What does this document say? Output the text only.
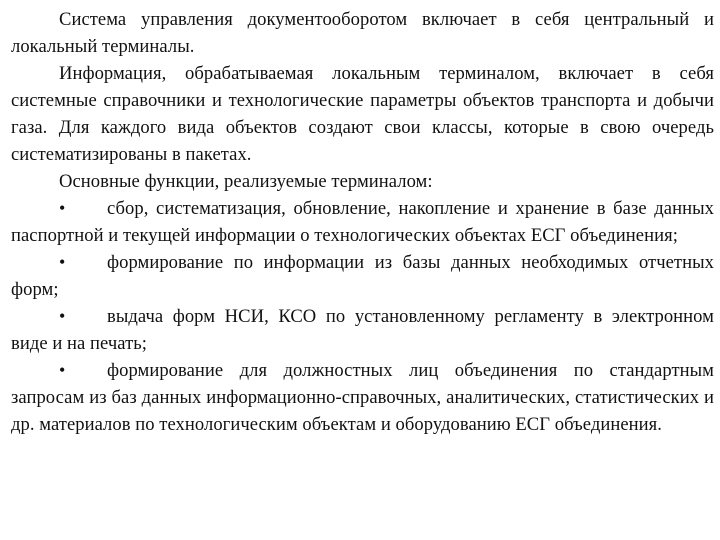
Система управления документооборотом включает в себя центральный и локальный терминалы.

Информация, обрабатываемая локальным терминалом, включает в себя системные справочники и технологические параметры объектов транспорта и добычи газа. Для каждого вида объектов создают свои классы, которые в свою очередь систематизированы в пакетах.

Основные функции, реализуемые терминалом:

• сбор, систематизация, обновление, накопление и хранение в базе данных паспортной и текущей информации о технологических объектах ЕСГ объединения;

• формирование по информации из базы данных необходимых отчетных форм;

• выдача форм НСИ, КСО по установленному регламенту в электронном виде и на печать;

• формирование для должностных лиц объединения по стандартным запросам из баз данных информационно-справочных, аналитических, статистических и др. материалов по технологическим объектам и оборудованию ЕСГ объединения.
